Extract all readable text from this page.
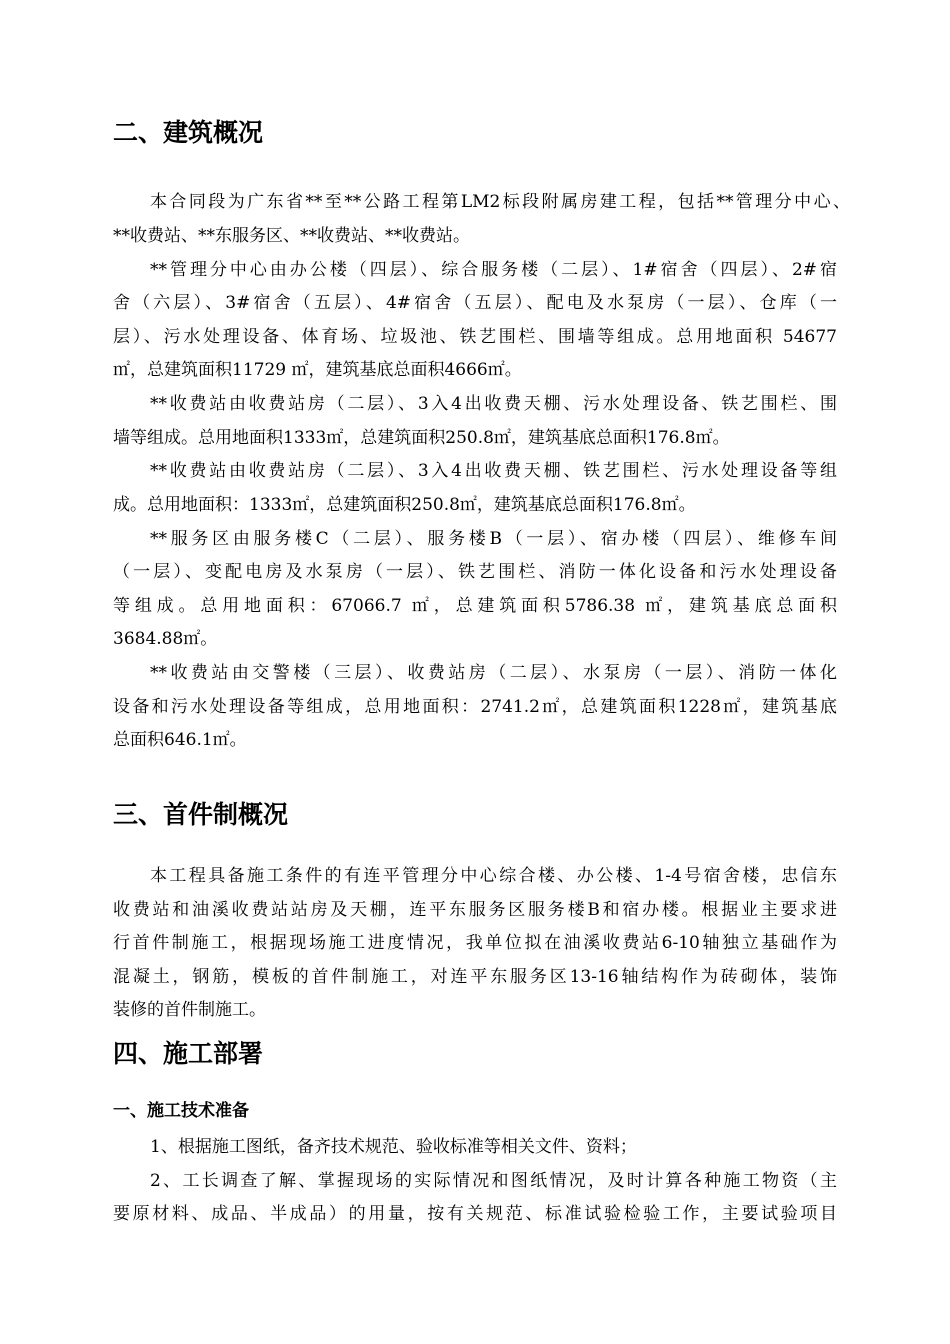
二、建筑概况
本合同段为广东省**至**公路工程第LM2标段附属房建工程，包括**管理分中心、
**收费站、**东服务区、**收费站、**收费站。
**管理分中心由办公楼（四层）、综合服务楼（二层）、1#宿舍（四层）、2#宿
舍（六层）、3#宿舍（五层）、4#宿舍（五层）、配电及水泵房（一层）、仓库（一
层）、污水处理设备、体育场、垃圾池、铁艺围栏、围墙等组成。总用地面积 54677
㎡，总建筑面积11729 ㎡，建筑基底总面积4666㎡。
**收费站由收费站房（二层）、3入4出收费天棚、污水处理设备、铁艺围栏、围
墙等组成。总用地面积1333㎡，总建筑面积250.8㎡，建筑基底总面积176.8㎡。
**收费站由收费站房（二层）、3入4出收费天棚、铁艺围栏、污水处理设备等组
成。总用地面积：1333㎡，总建筑面积250.8㎡，建筑基底总面积176.8㎡。
**服务区由服务楼C（二层）、服务楼B（一层）、宿办楼（四层）、维修车间
（一层）、变配电房及水泵房（一层）、铁艺围栏、消防一体化设备和污水处理设备
等组成。总用地面积：67066.7 ㎡，总建筑面积5786.38 ㎡，建筑基底总面积
3684.88㎡。
**收费站由交警楼（三层）、收费站房（二层）、水泵房（一层）、消防一体化
设备和污水处理设备等组成，总用地面积：2741.2㎡，总建筑面积1228㎡，建筑基底
总面积646.1㎡。
三、首件制概况
本工程具备施工条件的有连平管理分中心综合楼、办公楼、1-4号宿舍楼，忠信东
收费站和油溪收费站站房及天棚，连平东服务区服务楼B和宿办楼。根据业主要求进
行首件制施工，根据现场施工进度情况，我单位拟在油溪收费站6-10轴独立基础作为
混凝土，钢筋，模板的首件制施工，对连平东服务区13-16轴结构作为砖砌体，装饰
装修的首件制施工。
四、施工部署
一、施工技术准备
1、根据施工图纸，备齐技术规范、验收标准等相关文件、资料；
2、工长调查了解、掌握现场的实际情况和图纸情况，及时计算各种施工物资（主
要原材料、成品、半成品）的用量，按有关规范、标准试验检验工作，主要试验项目
